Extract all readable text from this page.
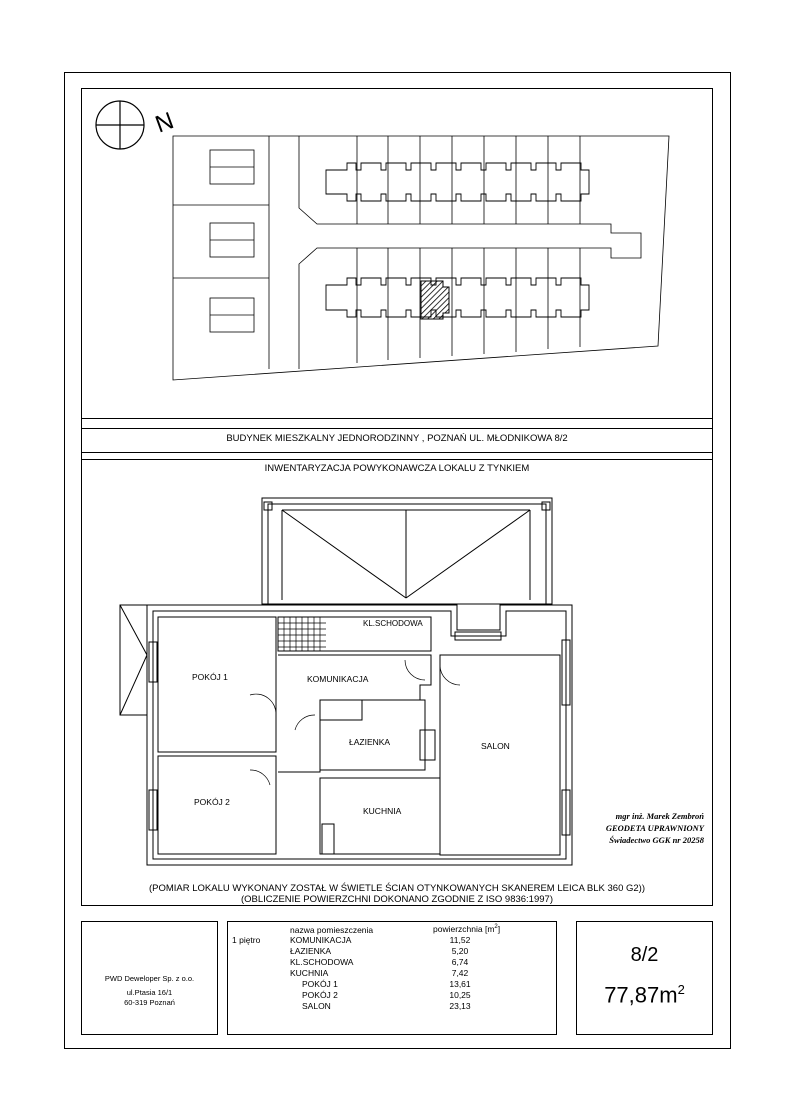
N
BUDYNEK MIESZKALNY JEDNORODZINNY , POZNAŃ UL. MŁODNIKOWA 8/2
INWENTARYZACJA POWYKONAWCZA LOKALU Z TYNKIEM
POKÓJ 1
POKÓJ 2
KOMUNIKACJA
ŁAZIENKA
KUCHNIA
SALON
KL.SCHODOWA
mgr inż. Marek Zembroń
GEODETA UPRAWNIONY
Świadectwo GGK nr 20258
(POMIAR LOKALU WYKONANY ZOSTAŁ W ŚWIETLE ŚCIAN OTYNKOWANYCH SKANEREM LEICA BLK 360 G2))
(OBLICZENIE POWIERZCHNI DOKONANO ZGODNIE Z ISO 9836:1997)
PWD Deweloper Sp. z o.o.
ul.Ptasia 16/1
60-319 Poznań
1 piętro
nazwa pomieszczenia	powierzchnia $[m^2]$
KOMUNIKACJA	11,52
ŁAZIENKA	5,20
KL.SCHODOWA	6,74
KUCHNIA	7,42
POKÓJ 1	13,61
POKÓJ 2	10,25
SALON	23,13
8/2
$77,87m^2$
